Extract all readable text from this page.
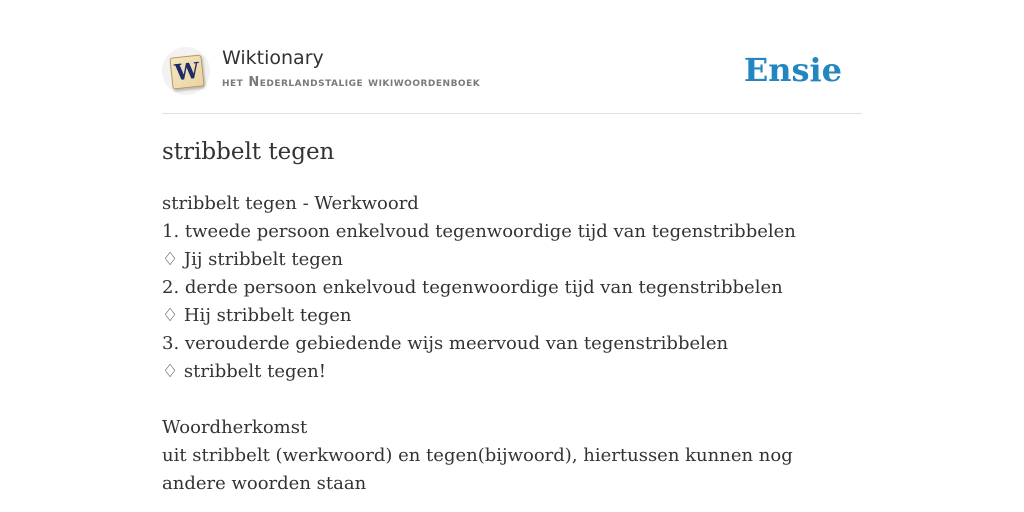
W Wiktionary
het Nederlandstalige wikiwoordenboek	Ensie
stribbelt tegen
stribbelt tegen - Werkwoord
1. tweede persoon enkelvoud tegenwoordige tijd van tegenstribbelen
♢ Jij stribbelt tegen
2. derde persoon enkelvoud tegenwoordige tijd van tegenstribbelen
♢ Hij stribbelt tegen
3. verouderde gebiedende wijs meervoud van tegenstribbelen
♢ stribbelt tegen!
Woordherkomst
uit stribbelt (werkwoord) en tegen(bijwoord), hiertussen kunnen nog andere woorden staan
